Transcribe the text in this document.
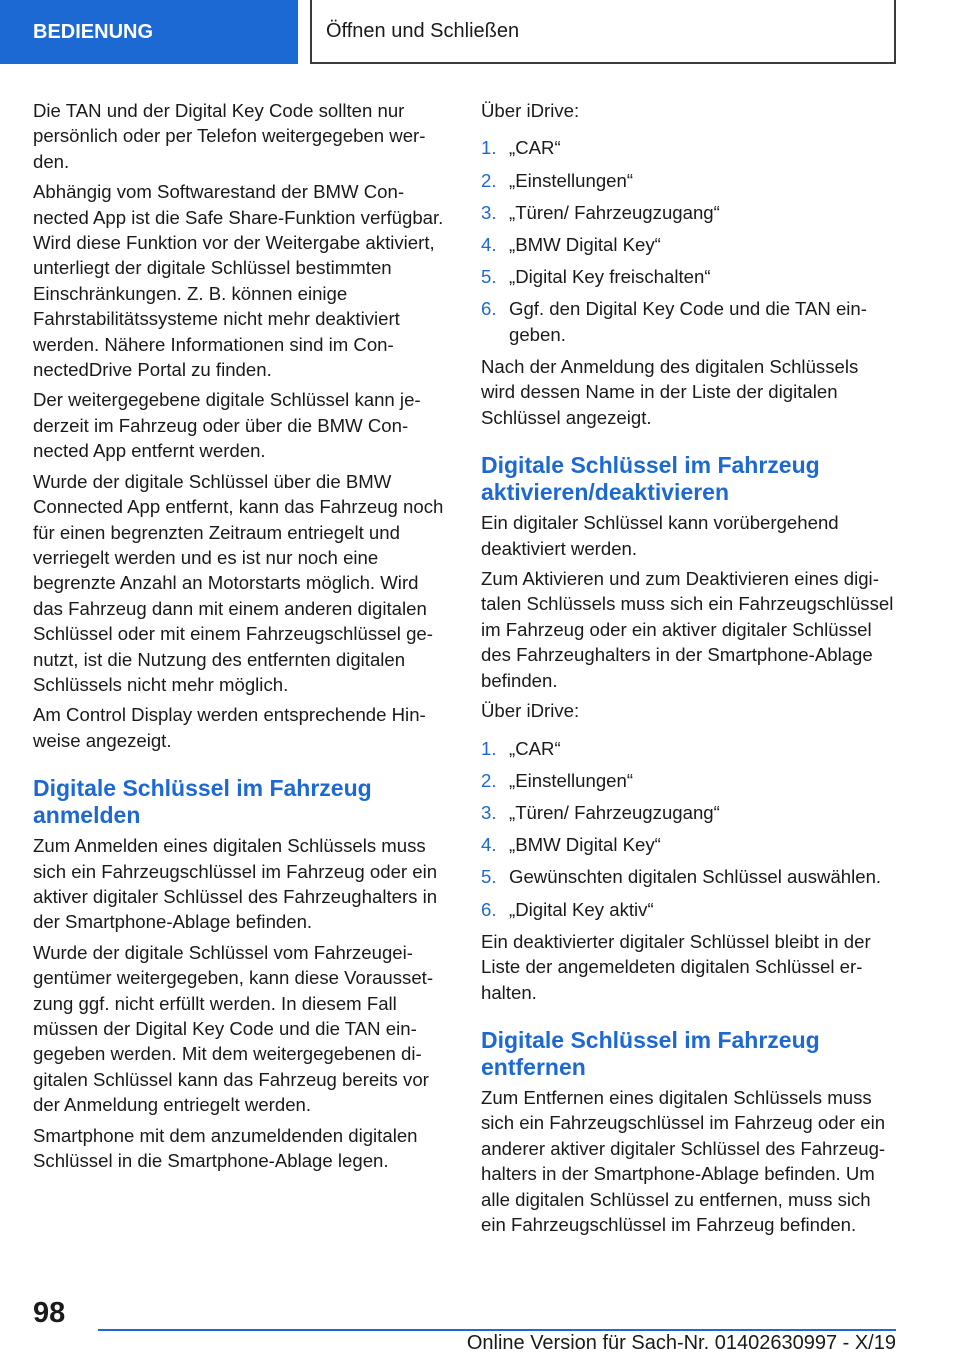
BEDIENUNG	Öffnen und Schließen

Die TAN und der Digital Key Code sollten nur persönlich oder per Telefon weitergegeben werden.

Abhängig vom Softwarestand der BMW Connected App ist die Safe Share-Funktion verfügbar. Wird diese Funktion vor der Weitergabe aktiviert, unterliegt der digitale Schlüssel bestimmten Einschränkungen. Z. B. können einige Fahrstabilitätssysteme nicht mehr deaktiviert werden. Nähere Informationen sind im ConnectedDrive Portal zu finden.

Der weitergegebene digitale Schlüssel kann jederzeit im Fahrzeug oder über die BMW Connected App entfernt werden.

Wurde der digitale Schlüssel über die BMW Connected App entfernt, kann das Fahrzeug noch für einen begrenzten Zeitraum entriegelt und verriegelt werden und es ist nur noch eine begrenzte Anzahl an Motorstarts möglich. Wird das Fahrzeug dann mit einem anderen digitalen Schlüssel oder mit einem Fahrzeugschlüssel genutzt, ist die Nutzung des entfernten digitalen Schlüssels nicht mehr möglich.

Am Control Display werden entsprechende Hinweise angezeigt.

Digitale Schlüssel im Fahrzeug anmelden

Zum Anmelden eines digitalen Schlüssels muss sich ein Fahrzeugschlüssel im Fahrzeug oder ein aktiver digitaler Schlüssel des Fahrzeughalters in der Smartphone-Ablage befinden.

Wurde der digitale Schlüssel vom Fahrzeugeigentümer weitergegeben, kann diese Voraussetzung ggf. nicht erfüllt werden. In diesem Fall müssen der Digital Key Code und die TAN eingegeben werden. Mit dem weitergegebenen digitalen Schlüssel kann das Fahrzeug bereits vor der Anmeldung entriegelt werden.

Smartphone mit dem anzumeldenden digitalen Schlüssel in die Smartphone-Ablage legen.

Über iDrive:

1. „CAR“
2. „Einstellungen“
3. „Türen/ Fahrzeugzugang“
4. „BMW Digital Key“
5. „Digital Key freischalten“
6. Ggf. den Digital Key Code und die TAN eingeben.

Nach der Anmeldung des digitalen Schlüssels wird dessen Name in der Liste der digitalen Schlüssel angezeigt.

Digitale Schlüssel im Fahrzeug aktivieren/deaktivieren

Ein digitaler Schlüssel kann vorübergehend deaktiviert werden.

Zum Aktivieren und zum Deaktivieren eines digitalen Schlüssels muss sich ein Fahrzeugschlüssel im Fahrzeug oder ein aktiver digitaler Schlüssel des Fahrzeughalters in der Smartphone-Ablage befinden.

Über iDrive:

1. „CAR“
2. „Einstellungen“
3. „Türen/ Fahrzeugzugang“
4. „BMW Digital Key“
5. Gewünschten digitalen Schlüssel auswählen.
6. „Digital Key aktiv“

Ein deaktivierter digitaler Schlüssel bleibt in der Liste der angemeldeten digitalen Schlüssel erhalten.

Digitale Schlüssel im Fahrzeug entfernen

Zum Entfernen eines digitalen Schlüssels muss sich ein Fahrzeugschlüssel im Fahrzeug oder ein anderer aktiver digitaler Schlüssel des Fahrzeughalters in der Smartphone-Ablage befinden. Um alle digitalen Schlüssel zu entfernen, muss sich ein Fahrzeugschlüssel im Fahrzeug befinden.

98
Online Version für Sach-Nr. 01402630997 - X/19
